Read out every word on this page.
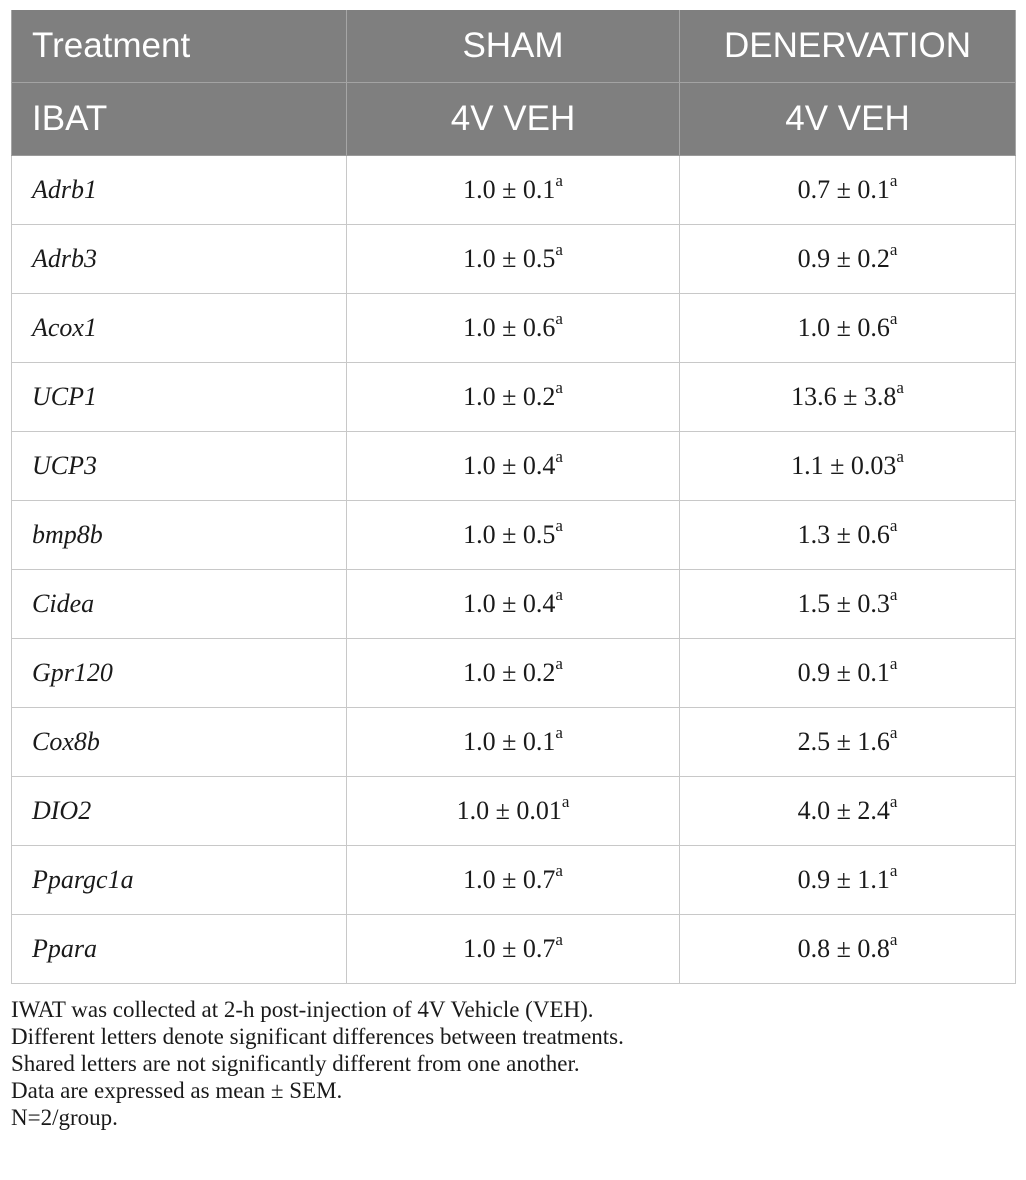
Treatment	SHAM	DENERVATION
IBAT	4V VEH	4V VEH
Adrb1	1.0 ± 0.1$^a$	0.7 ± 0.1$^a$
Adrb3	1.0 ± 0.5$^a$	0.9 ± 0.2$^a$
Acox1	1.0 ± 0.6$^a$	1.0 ± 0.6$^a$
UCP1	1.0 ± 0.2$^a$	13.6 ± 3.8$^a$
UCP3	1.0 ± 0.4$^a$	1.1 ± 0.03$^a$
bmp8b	1.0 ± 0.5$^a$	1.3 ± 0.6$^a$
Cidea	1.0 ± 0.4$^a$	1.5 ± 0.3$^a$
Gpr120	1.0 ± 0.2$^a$	0.9 ± 0.1$^a$
Cox8b	1.0 ± 0.1$^a$	2.5 ± 1.6$^a$
DIO2	1.0 ± 0.01$^a$	4.0 ± 2.4$^a$
Ppargc1a	1.0 ± 0.7$^a$	0.9 ± 1.1$^a$
Ppara	1.0 ± 0.7$^a$	0.8 ± 0.8$^a$
IWAT was collected at 2-h post-injection of 4V Vehicle (VEH).
Different letters denote significant differences between treatments.
Shared letters are not significantly different from one another.
Data are expressed as mean ± SEM.
N=2/group.
